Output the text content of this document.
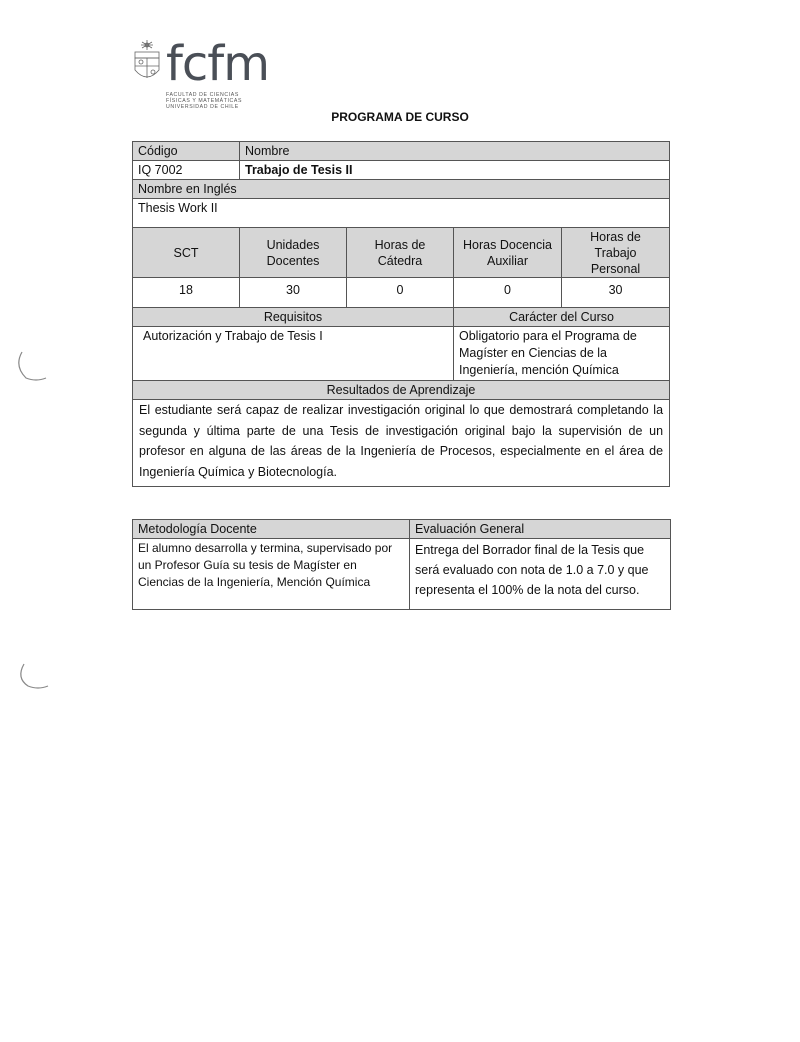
fcfm
FACULTAD DE CIENCIAS
FÍSICAS Y MATEMÁTICAS
UNIVERSIDAD DE CHILE
PROGRAMA DE CURSO
Código	Nombre			
IQ 7002	Trabajo de Tesis II			
Nombre en Inglés				
Thesis Work II				
SCT	Unidades Docentes	Horas de Cátedra	Horas Docencia Auxiliar	Horas de Trabajo Personal
18	30	0	0	30
Requisitos			Carácter del Curso	
Autorización y Trabajo de Tesis I			Obligatorio para el Programa de Magíster en Ciencias de la Ingeniería, mención Química	
Resultados de Aprendizaje				
El estudiante será capaz de realizar investigación original lo que demostrará completando la segunda y última parte de una Tesis de investigación original bajo la supervisión de un profesor en alguna de las áreas de la Ingeniería de Procesos, especialmente en el área de Ingeniería Química y Biotecnología.				
Metodología Docente	Evaluación General
El alumno desarrolla y termina, supervisado por un Profesor Guía su tesis de Magíster en Ciencias de la Ingeniería, Mención Química	Entrega del Borrador final de la Tesis que será evaluado con nota de 1.0 a 7.0 y que representa el 100% de la nota del curso.
